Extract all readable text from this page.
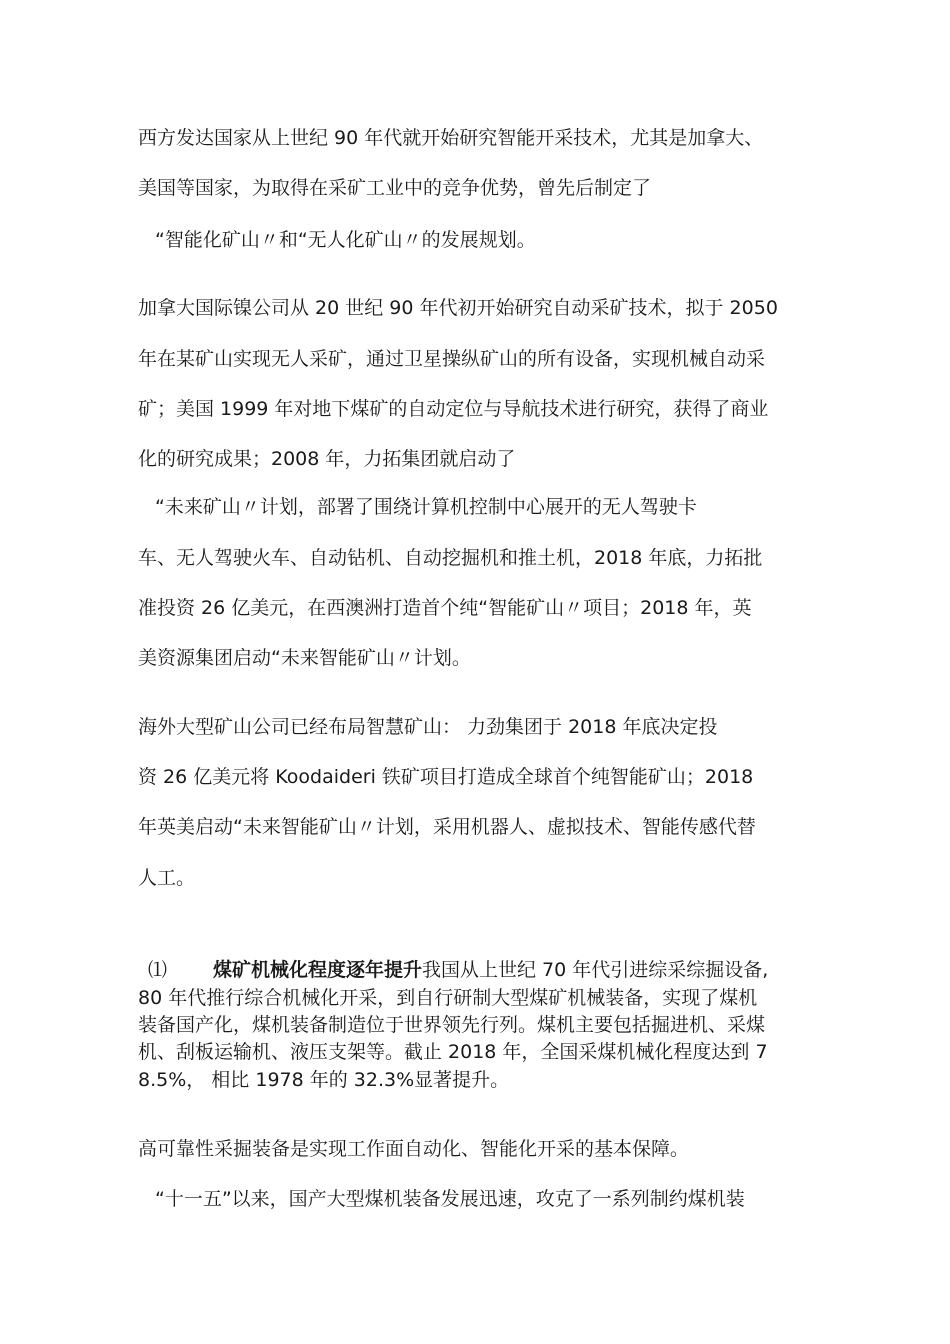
西方发达国家从上世纪 90 年代就开始研究智能开采技术，尤其是加拿大、
美国等国家，为取得在采矿工业中的竞争优势，曾先后制定了
“智能化矿山〃和“无人化矿山〃的发展规划。
加拿大国际镍公司从 20 世纪 90 年代初开始研究自动采矿技术，拟于 2050
年在某矿山实现无人采矿，通过卫星操纵矿山的所有设备，实现机械自动采
矿；美国 1999 年对地下煤矿的自动定位与导航技术进行研究，获得了商业
化的研究成果；2008 年，力拓集团就启动了
“未来矿山〃计划，部署了围绕计算机控制中心展开的无人驾驶卡
车、无人驾驶火车、自动钻机、自动挖掘机和推土机，2018 年底，力拓批
准投资 26 亿美元，在西澳洲打造首个纯“智能矿山〃项目；2018 年，英
美资源集团启动“未来智能矿山〃计划。
海外大型矿山公司已经布局智慧矿山： 力劲集团于 2018 年底决定投
资 26 亿美元将 Koodaideri 铁矿项目打造成全球首个纯智能矿山；2018
年英美启动“未来智能矿山〃计划，采用机器人、虚拟技术、智能传感代替
人工。
⑴ 煤矿机械化程度逐年提升我国从上世纪 70 年代引进综采综掘设备,
80 年代推行综合机械化开采，到自行研制大型煤矿机械装备，实现了煤机
装备国产化，煤机装备制造位于世界领先行列。煤机主要包括掘进机、采煤
机、刮板运输机、液压支架等。截止 2018 年，全国采煤机械化程度达到 7
8.5%， 相比 1978 年的 32.3%显著提升。
高可靠性采掘装备是实现工作面自动化、智能化开采的基本保障。
“十一五”以来，国产大型煤机装备发展迅速，攻克了一系列制约煤机装
